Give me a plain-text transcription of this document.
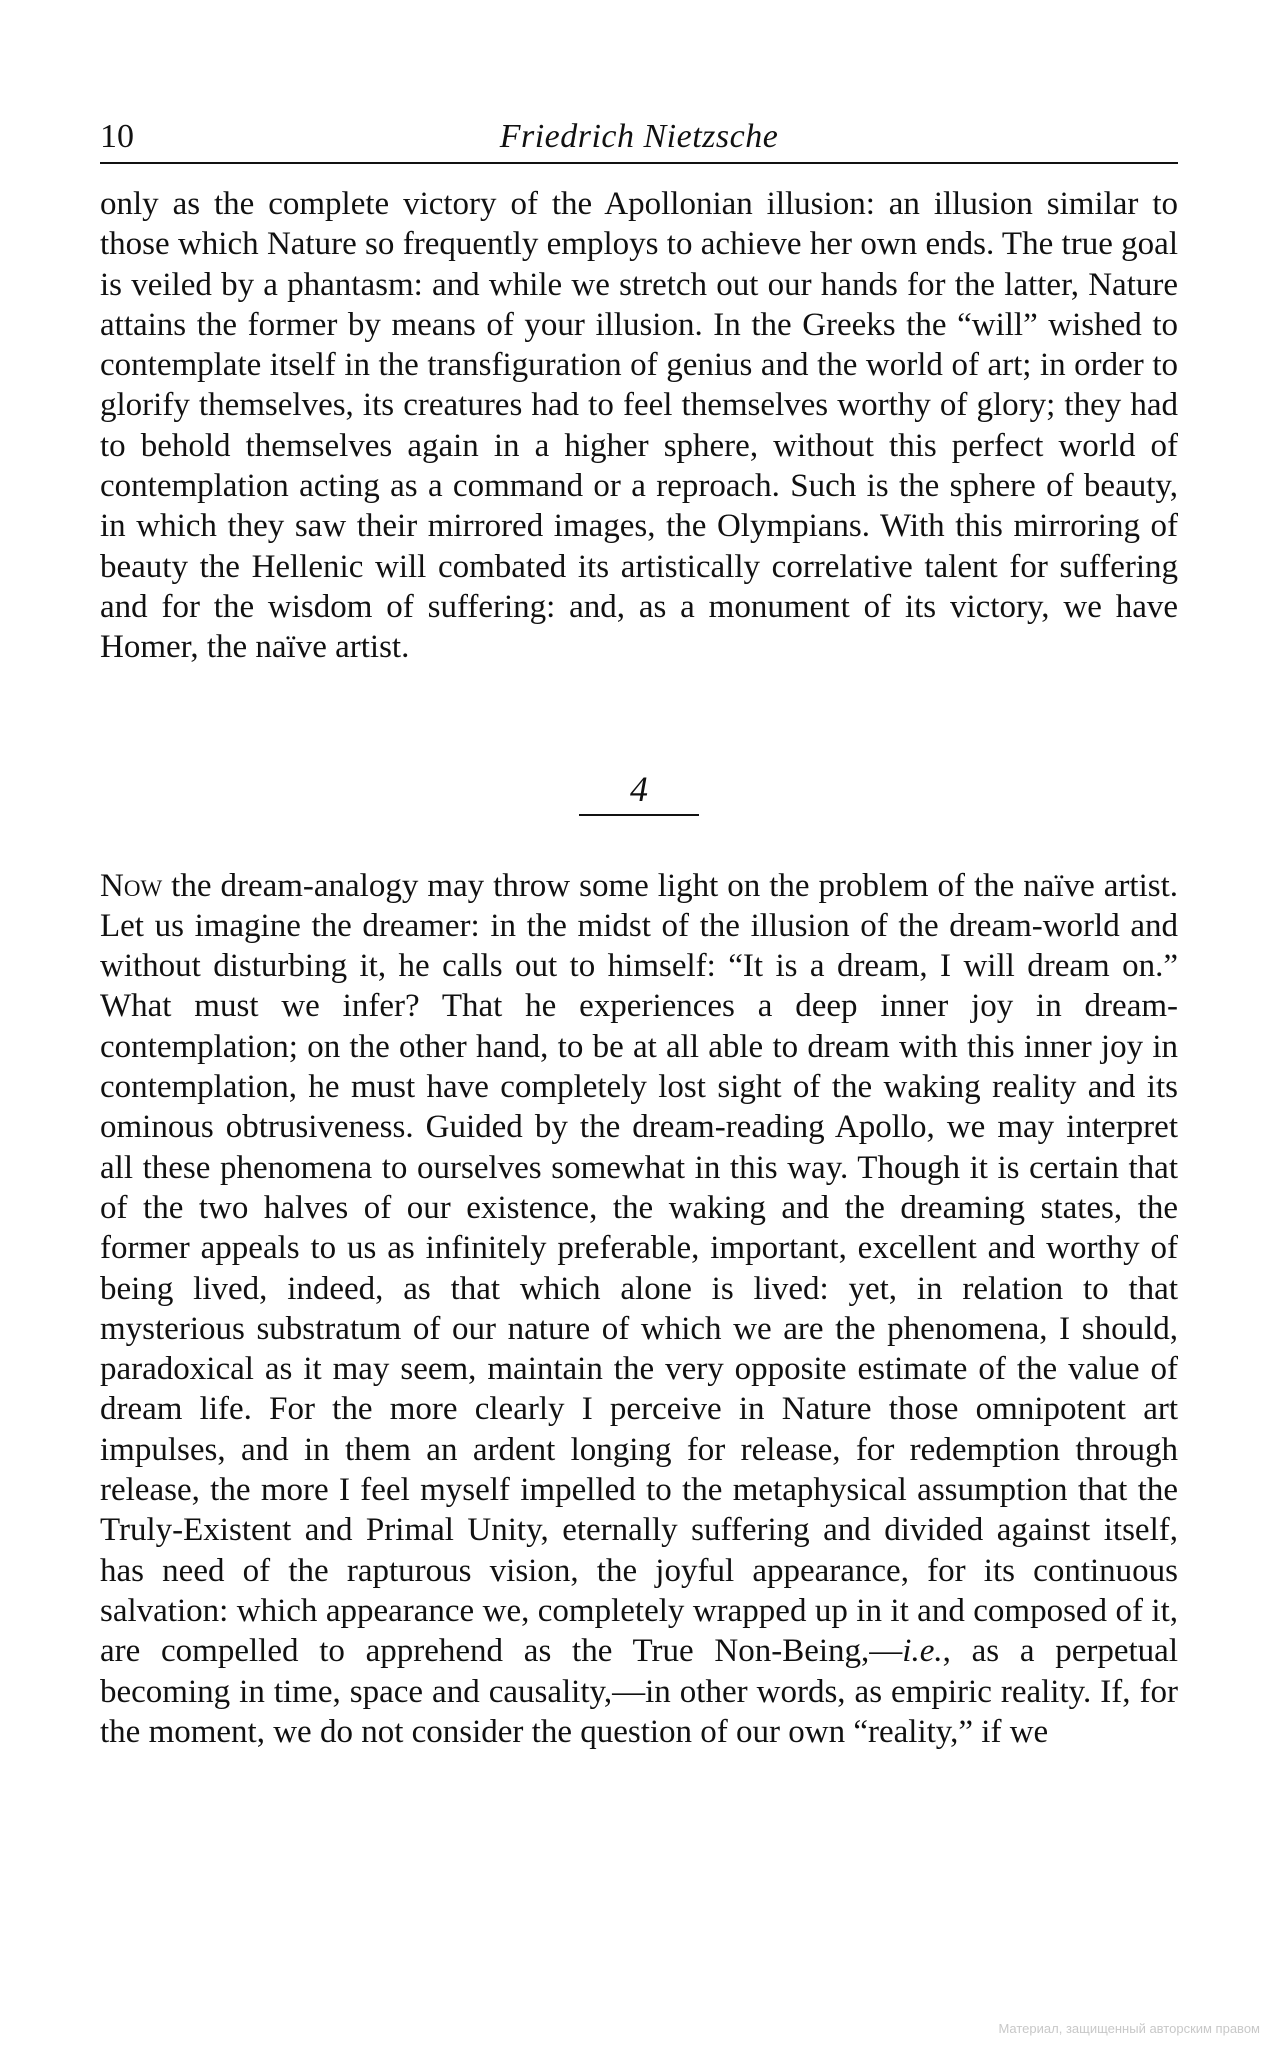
10	Friedrich Nietzsche

only as the complete victory of the Apollonian illusion: an illusion similar to those which Nature so frequently employs to achieve her own ends. The true goal is veiled by a phantasm: and while we stretch out our hands for the latter, Nature attains the former by means of your illusion. In the Greeks the “will” wished to contemplate itself in the transfiguration of genius and the world of art; in order to glorify themselves, its creatures had to feel themselves worthy of glory; they had to behold themselves again in a higher sphere, without this perfect world of contemplation acting as a command or a reproach. Such is the sphere of beauty, in which they saw their mirrored images, the Olympians. With this mirroring of beauty the Hellenic will combated its artistically correlative talent for suffering and for the wisdom of suffering: and, as a monument of its victory, we have Homer, the naïve artist.

4

Now the dream-analogy may throw some light on the problem of the naïve artist. Let us imagine the dreamer: in the midst of the illusion of the dream-world and without disturbing it, he calls out to himself: “It is a dream, I will dream on.” What must we infer? That he experiences a deep inner joy in dream-contemplation; on the other hand, to be at all able to dream with this inner joy in contemplation, he must have completely lost sight of the waking reality and its ominous obtrusiveness. Guided by the dream-reading Apollo, we may interpret all these phenomena to ourselves somewhat in this way. Though it is certain that of the two halves of our existence, the waking and the dreaming states, the former appeals to us as infinitely preferable, important, excellent and worthy of being lived, indeed, as that which alone is lived: yet, in relation to that mysterious substratum of our nature of which we are the phenomena, I should, paradoxical as it may seem, maintain the very opposite estimate of the value of dream life. For the more clearly I perceive in Nature those omnipotent art impulses, and in them an ardent longing for release, for redemption through release, the more I feel myself impelled to the metaphysical assumption that the Truly-Existent and Primal Unity, eternally suffering and divided against itself, has need of the rapturous vision, the joyful appearance, for its continuous salvation: which appearance we, completely wrapped up in it and composed of it, are compelled to apprehend as the True Non-Being,—i.e., as a perpetual becoming in time, space and causality,—in other words, as empiric reality. If, for the moment, we do not consider the question of our own “reality,” if we

Материал, защищенный авторским правом
